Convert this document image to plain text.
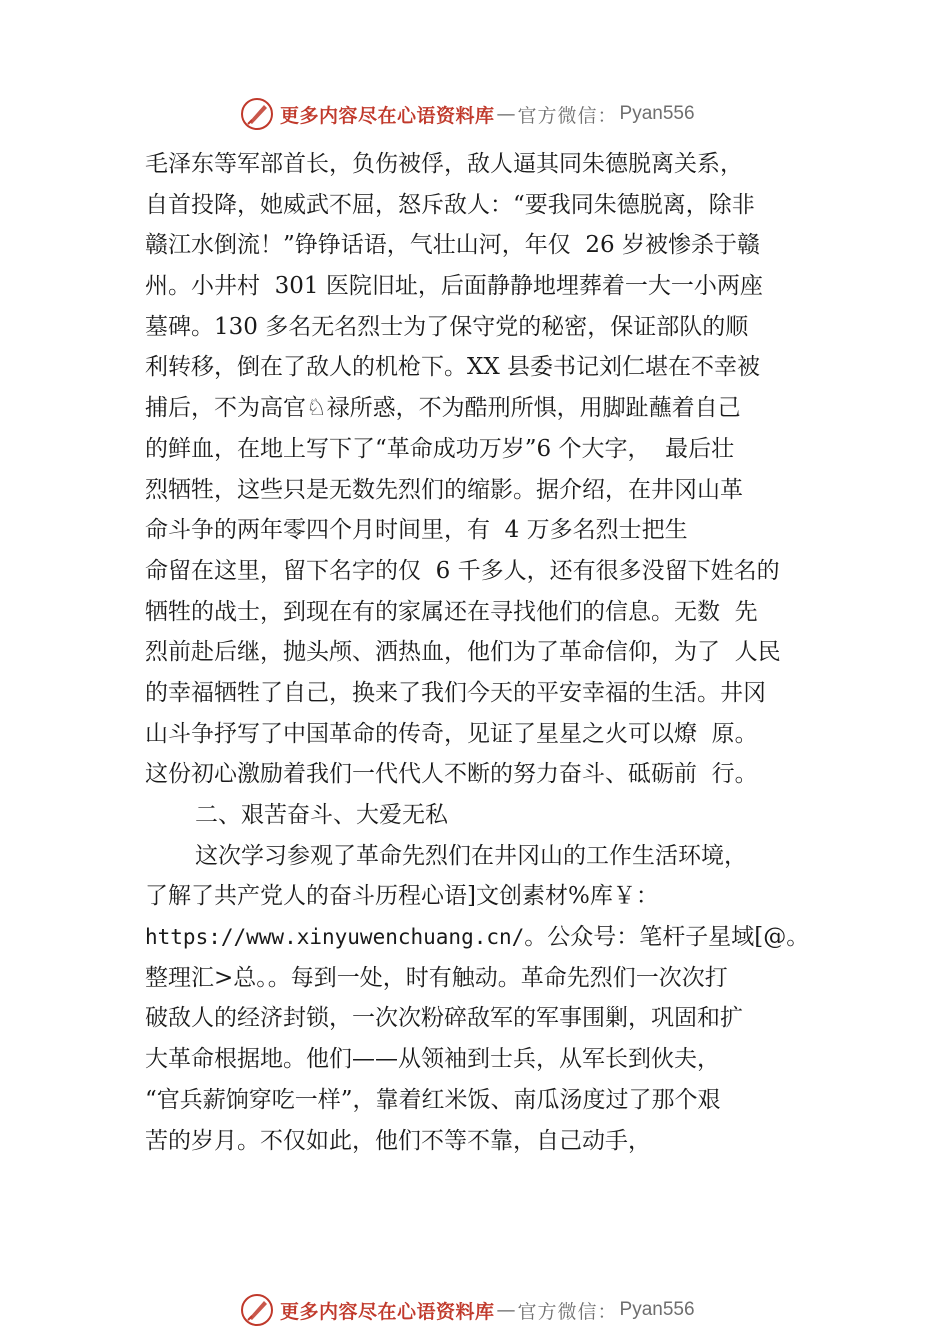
更多内容尽在心语资料库 — 官方微信： Pyan556
毛泽东等军部首长，负伤被俘，敌人逼其同朱德脱离关系，
自首投降，她威武不屈，怒斥敌人：“要我同朱德脱离，除非
赣江水倒流！”铮铮话语，气壮山河，年仅  26 岁被惨杀于赣
州。小井村  301 医院旧址，后面静静地埋葬着一大一小两座
墓碑。130 多名无名烈士为了保守党的秘密，保证部队的顺
利转移，倒在了敌人的机枪下。XX 县委书记刘仁堪在不幸被
捕后，不为高官♘禄所惑，不为酷刑所惧，用脚趾蘸着自己
的鲜血，在地上写下了“革命成功万岁”6 个大字，  最后壮
烈牺牲，这些只是无数先烈们的缩影。据介绍，在井冈山革
命斗争的两年零四个月时间里，有  4 万多名烈士把生
命留在这里，留下名字的仅  6 千多人，还有很多没留下姓名的
牺牲的战士，到现在有的家属还在寻找他们的信息。无数  先
烈前赴后继，抛头颅、洒热血，他们为了革命信仰，为了  人民
的幸福牺牲了自己，换来了我们今天的平安幸福的生活。井冈
山斗争抒写了中国革命的传奇，见证了星星之火可以燎  原。
这份初心激励着我们一代代人不断的努力奋斗、砥砺前  行。
二、艰苦奋斗、大爱无私
这次学习参观了革命先烈们在井冈山的工作生活环境，
了解了共产党人的奋斗历程心语]文创素材%库￥：
https://www.xinyuwenchuang.cn/。公众号：笔杆子星域[@。
整理汇>总。。每到一处，时有触动。革命先烈们一次次打
破敌人的经济封锁，一次次粉碎敌军的军事围剿，巩固和扩
大革命根据地。他们——从领袖到士兵，从军长到伙夫，
“官兵薪饷穿吃一样”，靠着红米饭、南瓜汤度过了那个艰
苦的岁月。不仅如此，他们不等不靠，自己动手，
更多内容尽在心语资料库 — 官方微信： Pyan556
